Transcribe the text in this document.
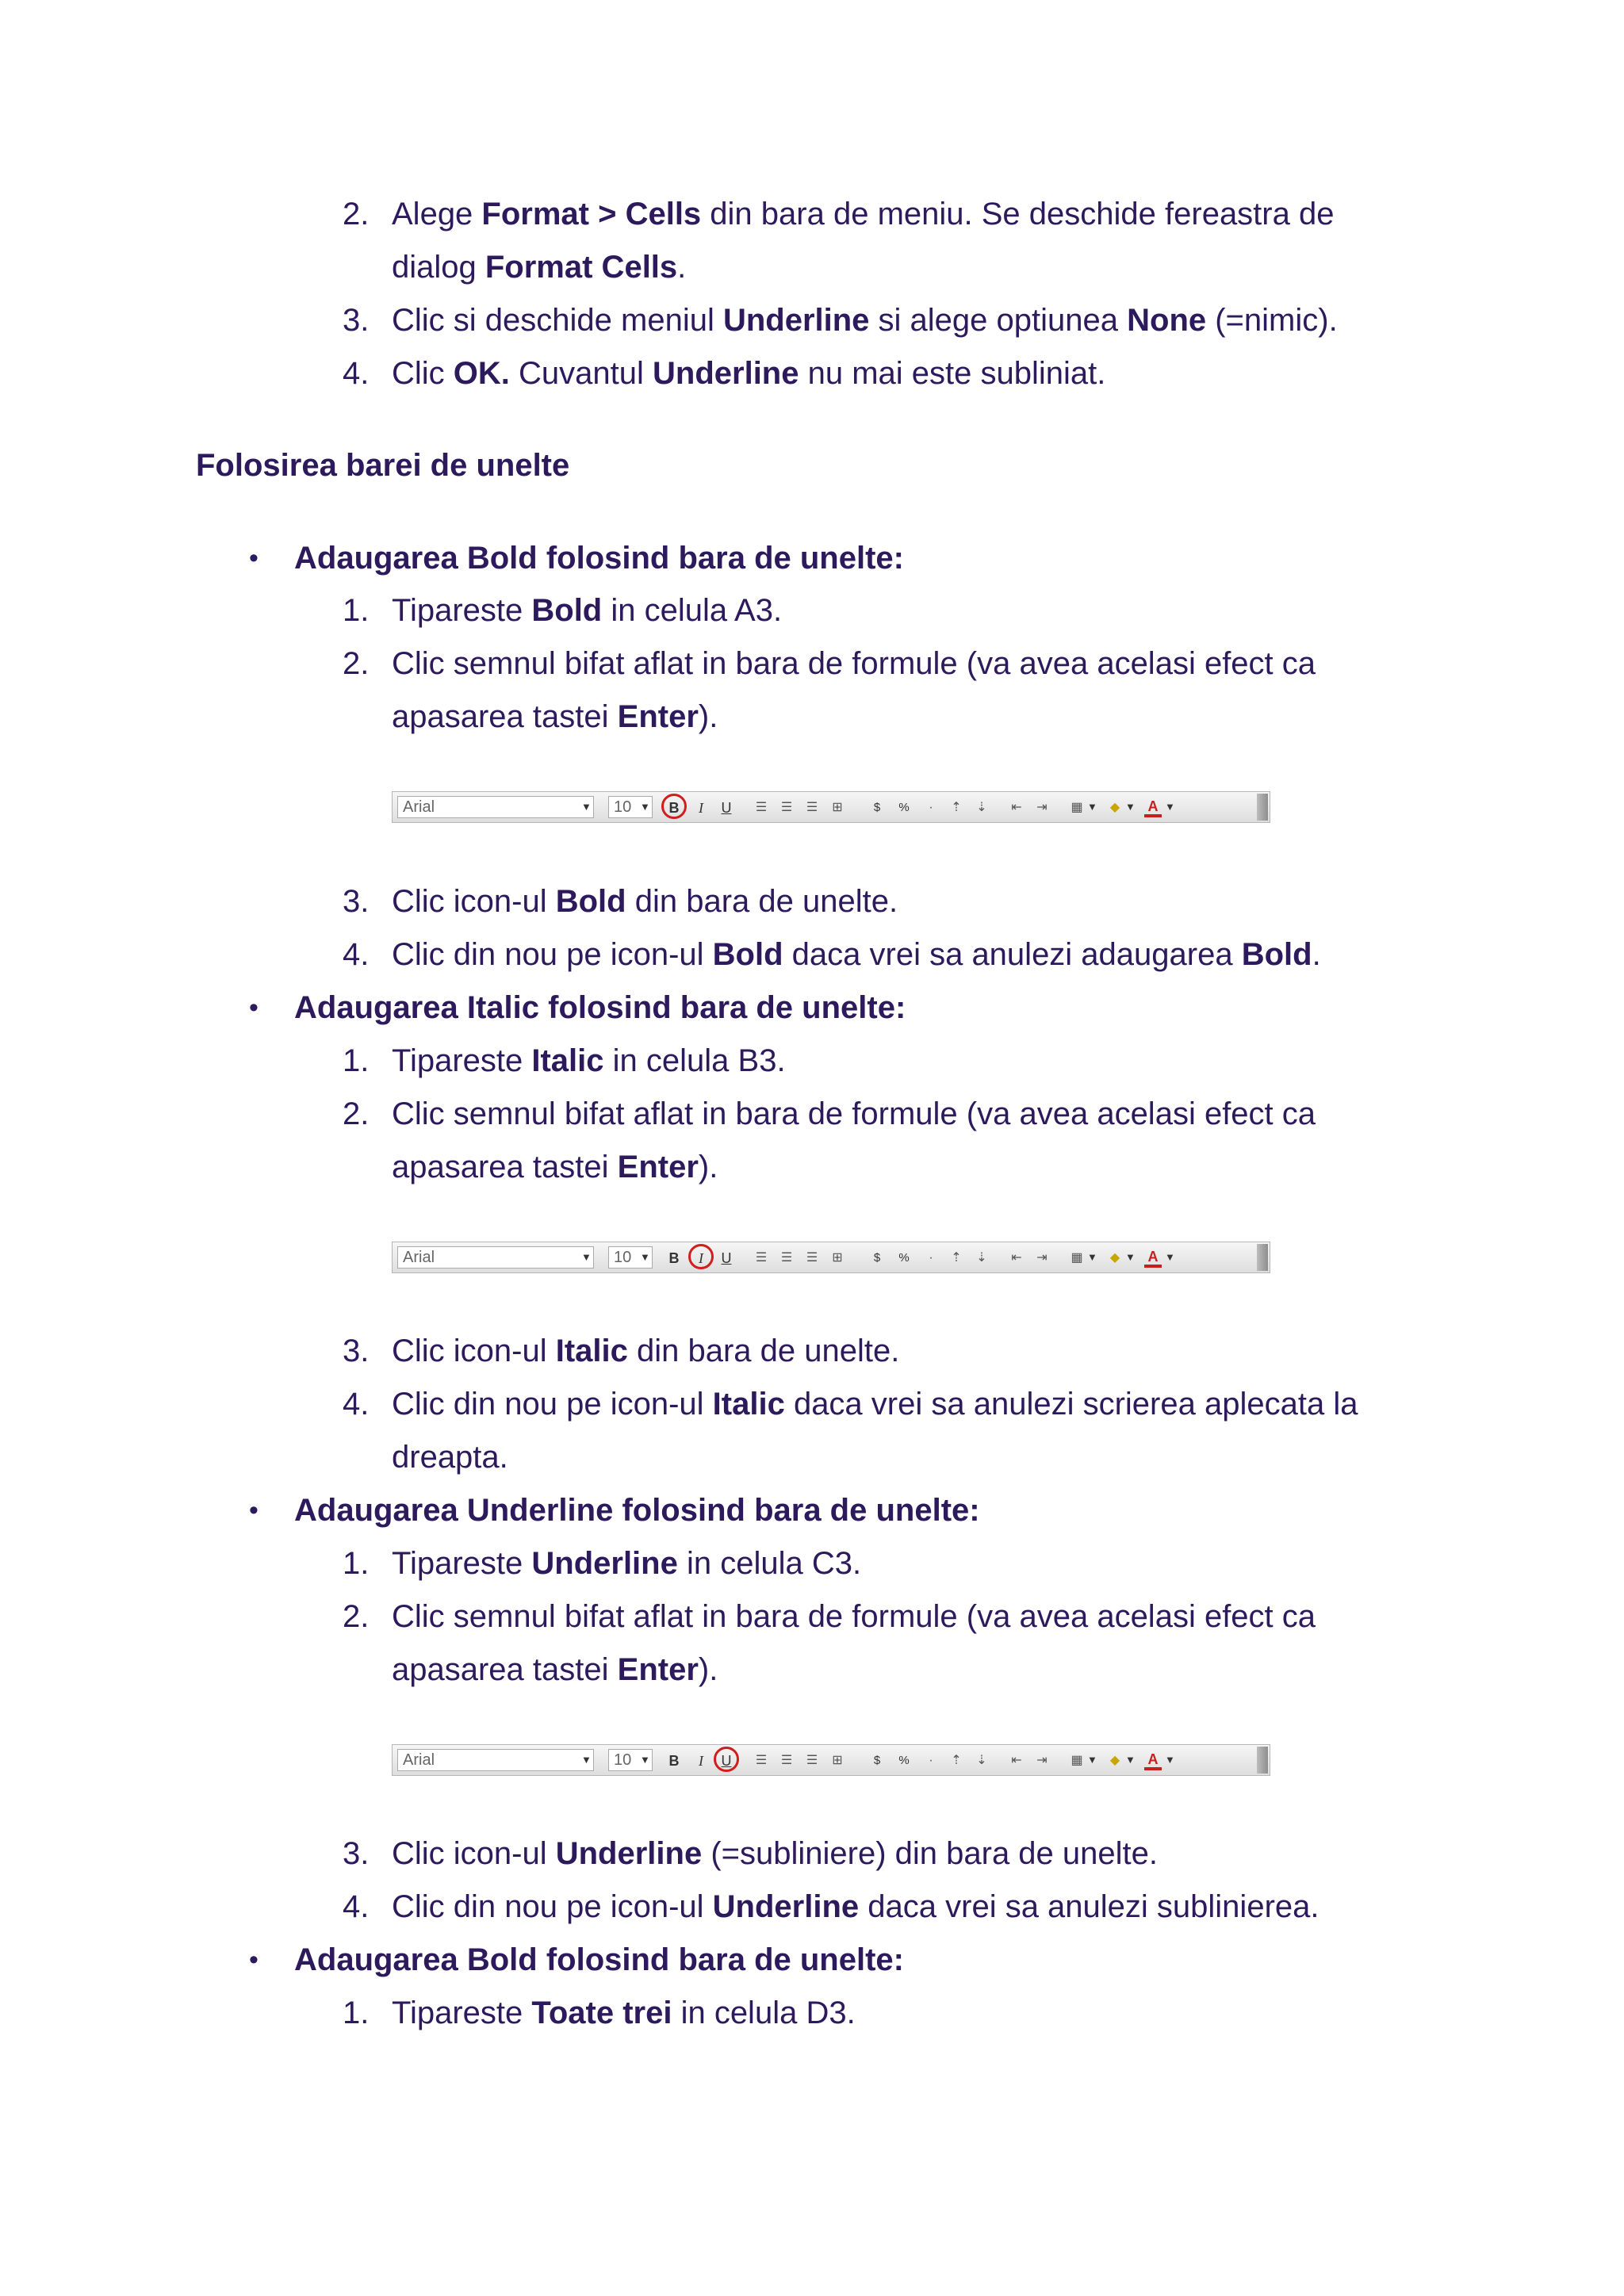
2. Alege Format > Cells din bara de meniu. Se deschide fereastra de
dialog Format Cells.
3. Clic si deschide meniul Underline si alege optiunea None (=nimic).
4. Clic OK. Cuvantul Underline nu mai este subliniat.
Folosirea barei de unelte
• Adaugarea Bold folosind bara de unelte:
1. Tipareste Bold in celula A3.
2. Clic semnul bifat aflat in bara de formule (va avea acelasi efect ca
apasarea tastei Enter).
Arial	▼	10 ▼ B	I	U ☰ ☰ ☰ ⊞	$	%	·	⇡ ⇣ ⇤ ⇥ ▦ ▼ ◆ ▼ A ▼
3. Clic icon-ul Bold din bara de unelte.
4. Clic din nou pe icon-ul Bold daca vrei sa anulezi adaugarea Bold.
• Adaugarea Italic folosind bara de unelte:
1. Tipareste Italic in celula B3.
2. Clic semnul bifat aflat in bara de formule (va avea acelasi efect ca
apasarea tastei Enter).
Arial	▼	10 ▼ B	I	U ☰ ☰ ☰ ⊞	$	%	·	⇡ ⇣ ⇤ ⇥ ▦ ▼ ◆ ▼ A ▼
3. Clic icon-ul Italic din bara de unelte.
4. Clic din nou pe icon-ul Italic daca vrei sa anulezi scrierea aplecata la
dreapta.
• Adaugarea Underline folosind bara de unelte:
1. Tipareste Underline in celula C3.
2. Clic semnul bifat aflat in bara de formule (va avea acelasi efect ca
apasarea tastei Enter).
Arial	▼	10 ▼ B	I	U ☰ ☰ ☰ ⊞	$	%	·	⇡ ⇣ ⇤ ⇥ ▦ ▼ ◆ ▼ A ▼
3. Clic icon-ul Underline (=subliniere) din bara de unelte.
4. Clic din nou pe icon-ul Underline daca vrei sa anulezi sublinierea.
• Adaugarea Bold folosind bara de unelte:
1. Tipareste Toate trei in celula D3.
